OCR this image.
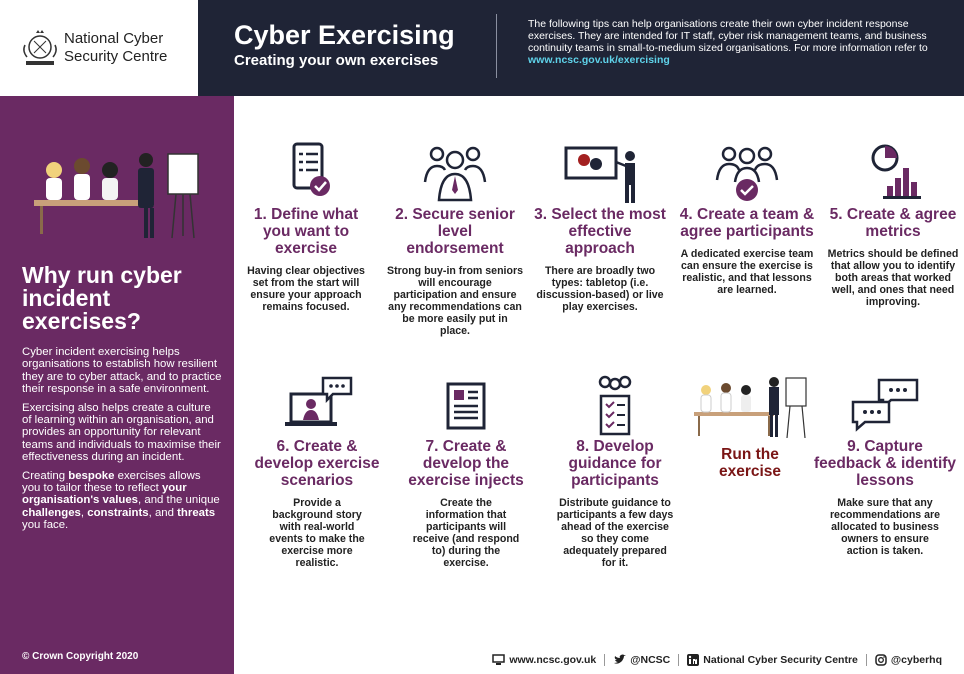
National Cyber
Security Centre
Cyber Exercising
Creating your own exercises
The following tips can help organisations create their own cyber incident response exercises. They are intended for IT staff, cyber risk management teams, and business continuity teams in small-to-medium sized organisations. For more information refer to www.ncsc.gov.uk/exercising
Why run cyber incident exercises?

Cyber incident exercising helps organisations to establish how resilient they are to cyber attack, and to practice their response in a safe environment.

Exercising also helps create a culture of learning within an organisation, and provides an opportunity for relevant teams and individuals to maximise their effectiveness during an incident.

Creating bespoke exercises allows you to tailor these to reflect your organisation's values, and the unique challenges, constraints, and threats you face.

© Crown Copyright 2020
1. Define what you want to exercise
Having clear objectives set from the start will ensure your approach remains focused.
2. Secure senior level endorsement
Strong buy-in from seniors will encourage participation and ensure any recommendations can be more easily put in place.
3. Select the most effective approach
There are broadly two types: tabletop (i.e. discussion-based) or live play exercises.
4. Create a team & agree participants
A dedicated exercise team can ensure the exercise is realistic, and that lessons are learned.
5. Create & agree metrics
Metrics should be defined that allow you to identify both areas that worked well, and ones that need improving.
6. Create & develop exercise scenarios
Provide a background story with real-world events to make the exercise more realistic.
7. Create & develop the exercise injects
Create the information that participants will receive (and respond to) during the exercise.
8. Develop guidance for participants
Distribute guidance to participants a few days ahead of the exercise so they come adequately prepared for it.
Run the exercise
9. Capture feedback & identify lessons
Make sure that any recommendations are allocated to business owners to ensure action is taken.
www.ncsc.gov.uk	@NCSC	National Cyber Security Centre	@cyberhq
